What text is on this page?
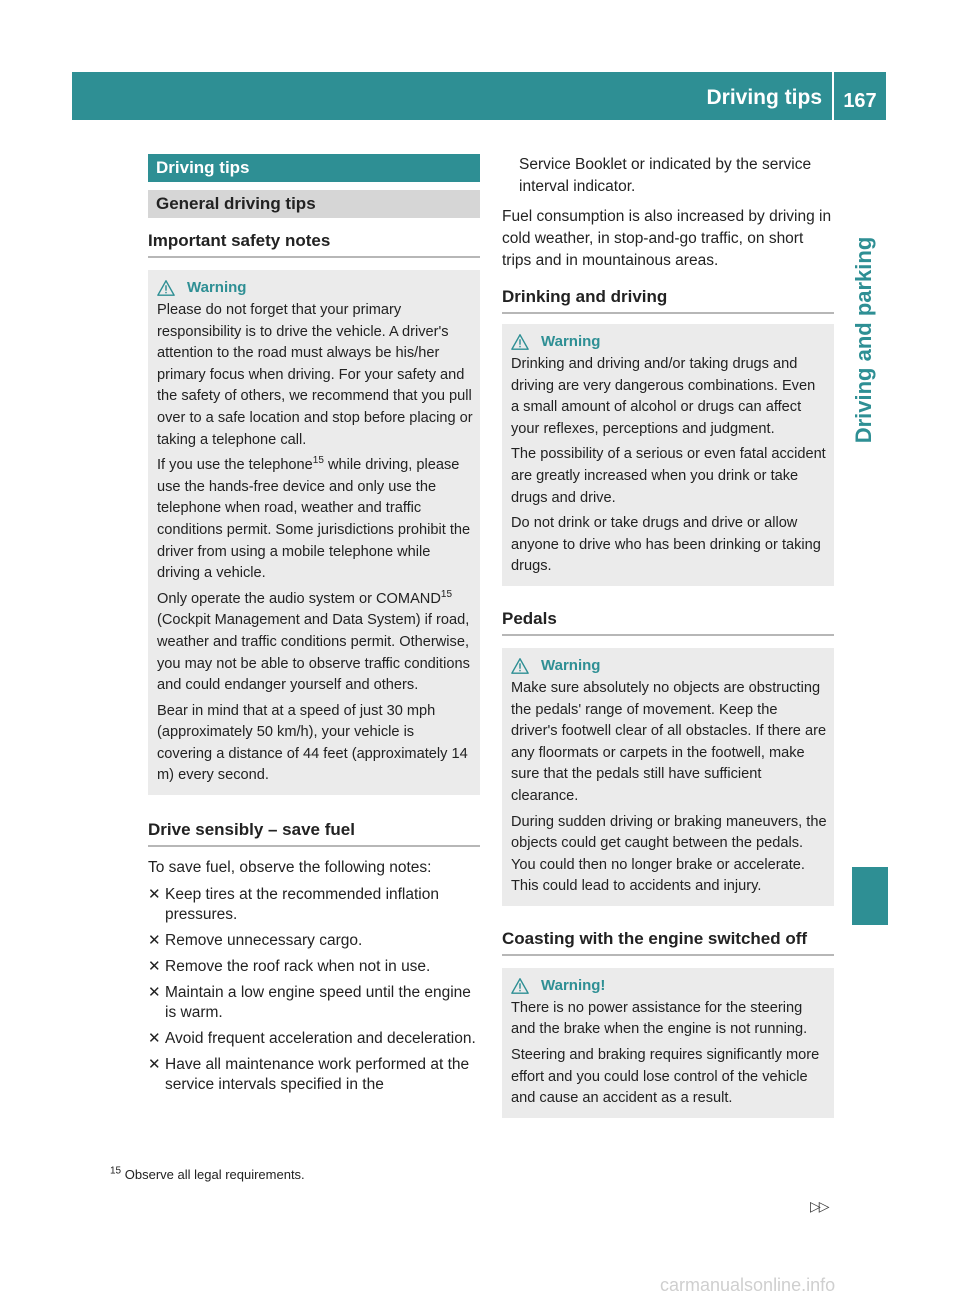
Driving tips	167
Driving and parking
Driving tips
General driving tips
Important safety notes
Warning

Please do not forget that your primary responsibility is to drive the vehicle. A driver's attention to the road must always be his/her primary focus when driving. For your safety and the safety of others, we recommend that you pull over to a safe location and stop before placing or taking a telephone call.

If you use the telephone$^{15}$ while driving, please use the hands-free device and only use the telephone when road, weather and traffic conditions permit. Some jurisdictions prohibit the driver from using a mobile telephone while driving a vehicle.

Only operate the audio system or COMAND$^{15}$ (Cockpit Management and Data System) if road, weather and traffic conditions permit. Otherwise, you may not be able to observe traffic conditions and could endanger yourself and others.

Bear in mind that at a speed of just 30 mph (approximately 50 km/h), your vehicle is covering a distance of 44 feet (approximately 14 m) every second.

Drive sensibly – save fuel

To save fuel, observe the following notes:

✕ Keep tires at the recommended inflation pressures.
✕ Remove unnecessary cargo.
✕ Remove the roof rack when not in use.
✕ Maintain a low engine speed until the engine is warm.
✕ Avoid frequent acceleration and deceleration.
✕ Have all maintenance work performed at the service intervals specified in the

Service Booklet or indicated by the service interval indicator.

Fuel consumption is also increased by driving in cold weather, in stop-and-go traffic, on short trips and in mountainous areas.

Drinking and driving
Warning

Drinking and driving and/or taking drugs and driving are very dangerous combinations. Even a small amount of alcohol or drugs can affect your reflexes, perceptions and judgment.

The possibility of a serious or even fatal accident are greatly increased when you drink or take drugs and drive.

Do not drink or take drugs and drive or allow anyone to drive who has been drinking or taking drugs.

Pedals
Warning

Make sure absolutely no objects are obstructing the pedals' range of movement. Keep the driver's footwell clear of all obstacles. If there are any floormats or carpets in the footwell, make sure that the pedals still have sufficient clearance.

During sudden driving or braking maneuvers, the objects could get caught between the pedals. You could then no longer brake or accelerate. This could lead to accidents and injury.

Coasting with the engine switched off
Warning!

There is no power assistance for the steering and the brake when the engine is not running.

Steering and braking requires significantly more effort and you could lose control of the vehicle and cause an accident as a result.

$^{15}$ Observe all legal requirements.
▷▷
carmanualsonline.info
